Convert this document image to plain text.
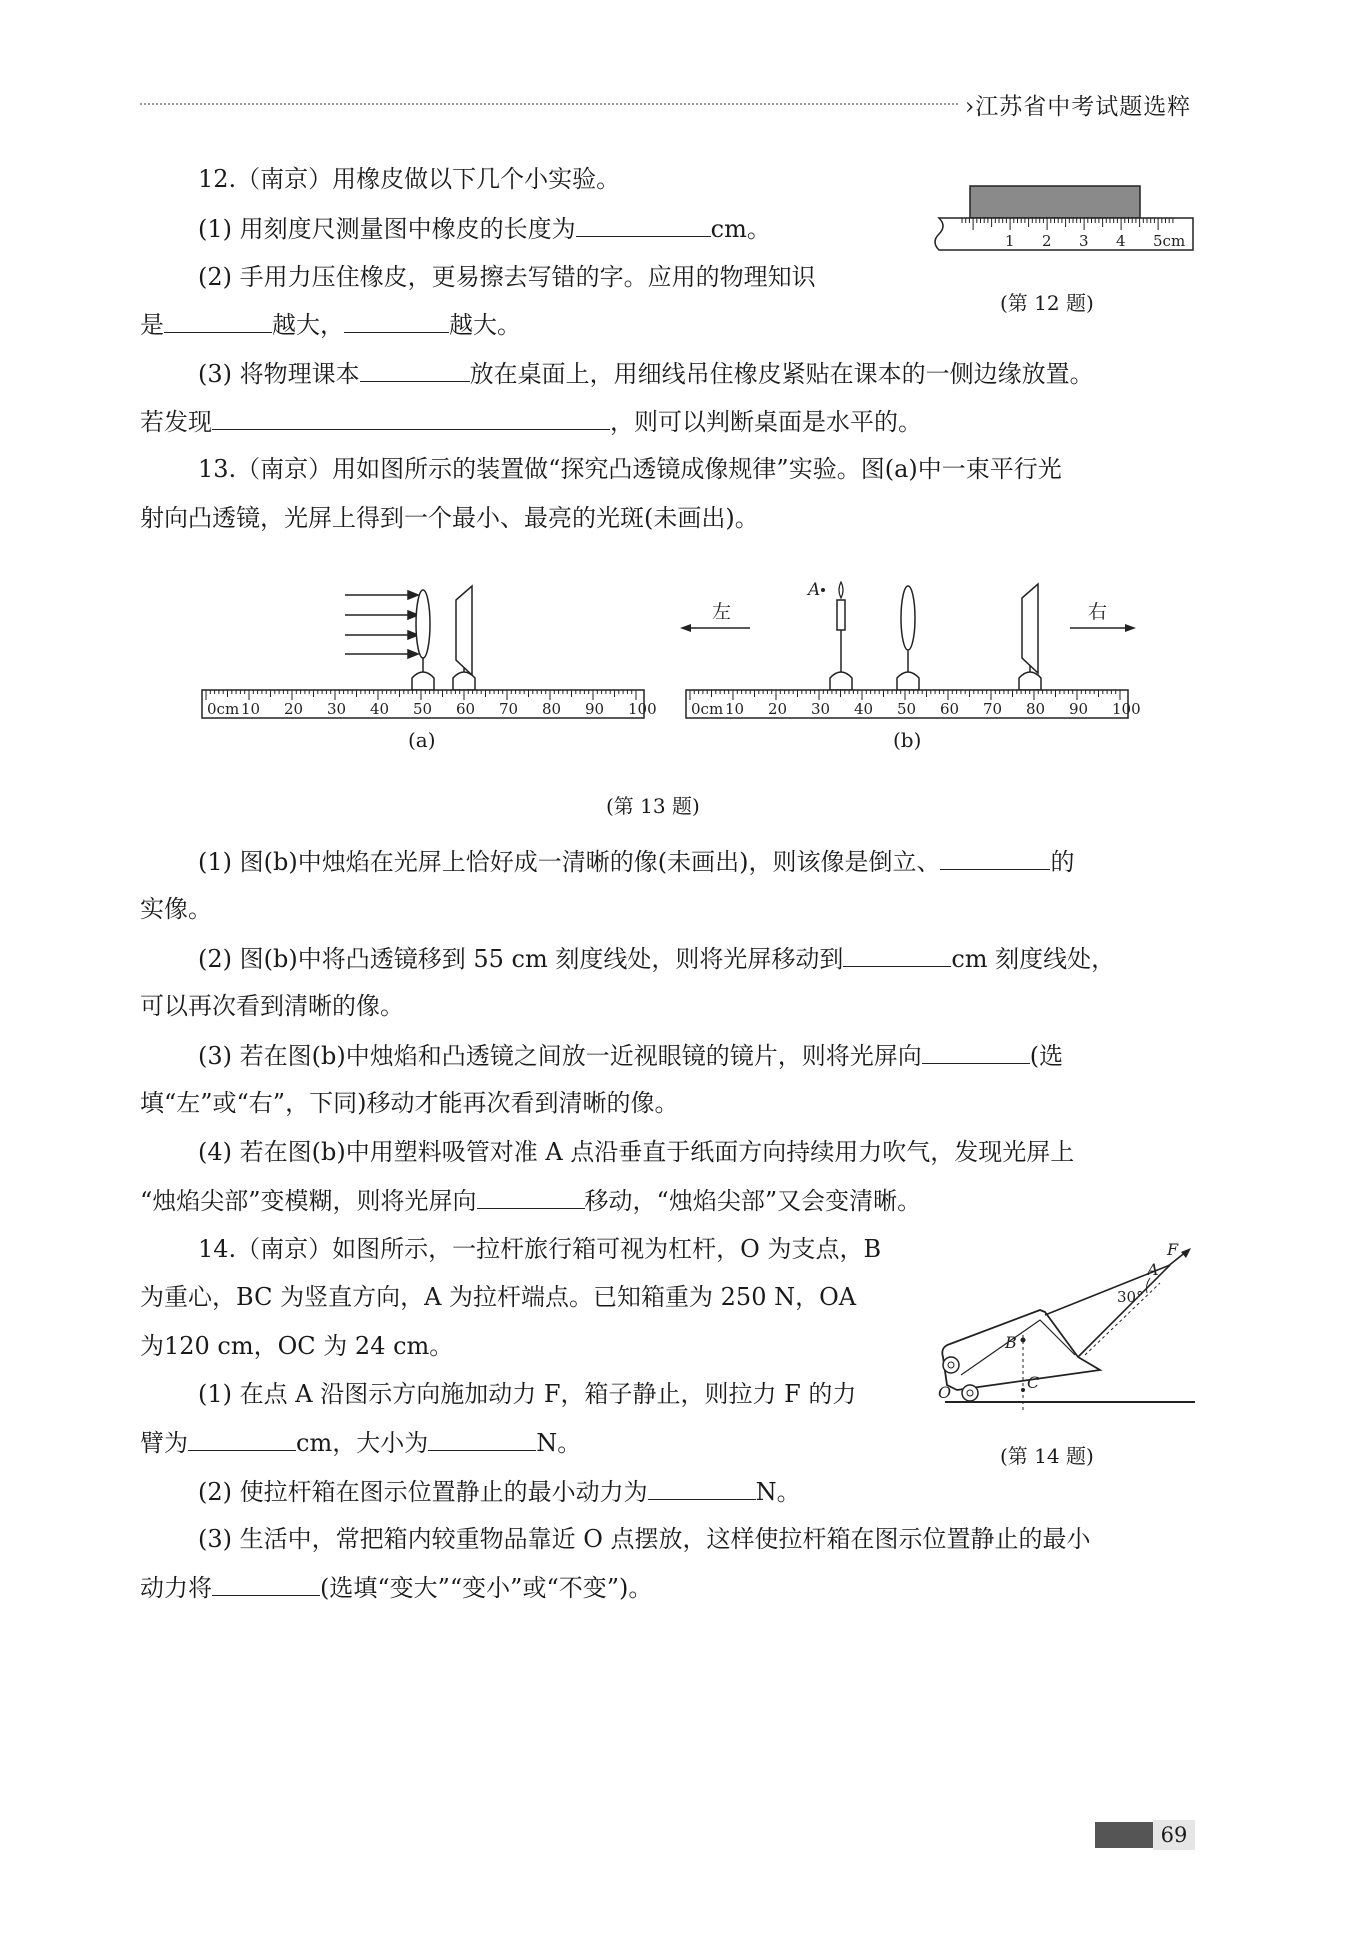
›江苏省中考试题选粹
12.（南京）用橡皮做以下几个小实验。
(1) 用刻度尺测量图中橡皮的长度为	cm。
(2) 手用力压住橡皮，更易擦去写错的字。应用的物理知识
是	越大，	越大。
(3) 将物理课本	放在桌面上，用细线吊住橡皮紧贴在课本的一侧边缘放置。
若发现	，则可以判断桌面是水平的。
1 2 3 4 5cm
(第 12 题)
13.（南京）用如图所示的装置做“探究凸透镜成像规律”实验。图(a)中一束平行光
射向凸透镜，光屏上得到一个最小、最亮的光斑(未画出)。
0cm 10 20 30 40 50 60 70 80 90 100
(a)
A
左	右
0cm 10 20 30 40 50 60 70 80 90 100
(b)
(第 13 题)
(1) 图(b)中烛焰在光屏上恰好成一清晰的像(未画出)，则该像是倒立、	的
实像。
(2) 图(b)中将凸透镜移到 55 cm 刻度线处，则将光屏移动到	cm 刻度线处，
可以再次看到清晰的像。
(3) 若在图(b)中烛焰和凸透镜之间放一近视眼镜的镜片，则将光屏向	(选
填“左”或“右”，下同)移动才能再次看到清晰的像。
(4) 若在图(b)中用塑料吸管对准 A 点沿垂直于纸面方向持续用力吹气，发现光屏上
“烛焰尖部”变模糊，则将光屏向	移动，“烛焰尖部”又会变清晰。
14.（南京）如图所示，一拉杆旅行箱可视为杠杆，O 为支点，B
为重心，BC 为竖直方向，A 为拉杆端点。已知箱重为 250 N，OA
为120 cm，OC 为 24 cm。
(1) 在点 A 沿图示方向施加动力 F，箱子静止，则拉力 F 的力
臂为	cm，大小为	N。
(2) 使拉杆箱在图示位置静止的最小动力为	N。
(3) 生活中，常把箱内较重物品靠近 O 点摆放，这样使拉杆箱在图示位置静止的最小
动力将	(选填“变大”“变小”或“不变”)。
30°
F
A
B
C
O
(第 14 题)
69
